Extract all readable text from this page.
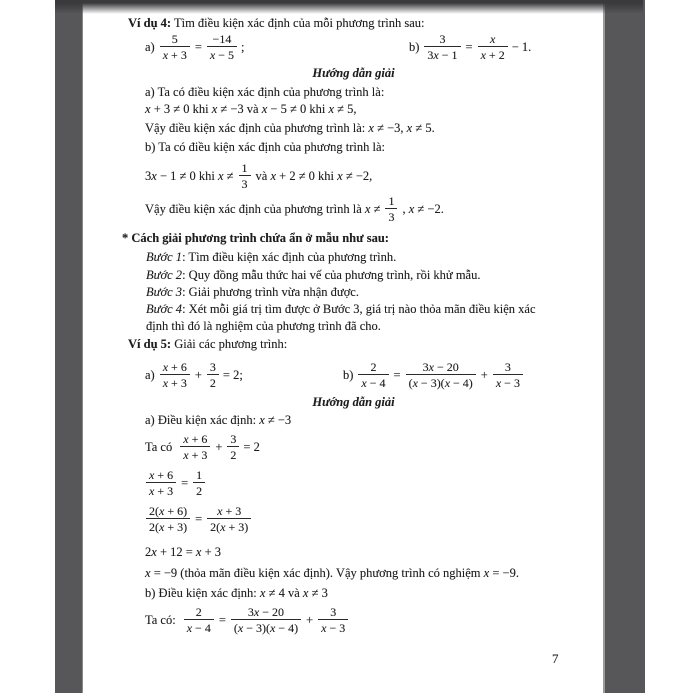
Ví dụ 4: Tìm điều kiện xác định của mỗi phương trình sau:
$a) \frac{5}{x + 3} = \frac{-14}{x - 5}$ ;	$b) \frac{3}{3x - 1} = \frac{x}{x + 2} - 1$.
Hướng dẫn giải
a) Ta có điều kiện xác định của phương trình là:
x + 3 ≠ 0 khi x ≠ −3 và x − 5 ≠ 0 khi x ≠ 5,
Vậy điều kiện xác định của phương trình là: x ≠ −3, x ≠ 5.
b) Ta có điều kiện xác định của phương trình là:
3x − 1 ≠ 0 khi $x \ne \frac{1}{3}$ và x + 2 ≠ 0 khi x ≠ −2,
Vậy điều kiện xác định của phương trình là $x \ne \frac{1}{3}$ , x ≠ −2.
* Cách giải phương trình chứa ẩn ở mẫu như sau:
Bước 1: Tìm điều kiện xác định của phương trình.
Bước 2: Quy đồng mẫu thức hai vế của phương trình, rồi khử mẫu.
Bước 3: Giải phương trình vừa nhận được.
Bước 4: Xét mỗi giá trị tìm được ở Bước 3, giá trị nào thỏa mãn điều kiện xác
định thì đó là nghiệm của phương trình đã cho.
Ví dụ 5: Giải các phương trình:
$a) \frac{x + 6}{x + 3} + \frac{3}{2} = 2$;	$b) \frac{2}{x - 4} = \frac{3x - 20}{(x - 3)(x - 4)} + \frac{3}{x - 3}$
Hướng dẫn giải
a) Điều kiện xác định: x ≠ −3
Ta có $\frac{x + 6}{x + 3} + \frac{3}{2} = 2$
$\frac{x + 6}{x + 3} = \frac{1}{2}$
$\frac{2(x + 6)}{2(x + 3)} = \frac{x + 3}{2(x + 3)}$
2x + 12 = x + 3
x = −9 (thỏa mãn điều kiện xác định). Vậy phương trình có nghiệm x = −9.
b) Điều kiện xác định: x ≠ 4 và x ≠ 3
Ta có: $\frac{2}{x - 4} = \frac{3x - 20}{(x - 3)(x - 4)} + \frac{3}{x - 3}$
7
